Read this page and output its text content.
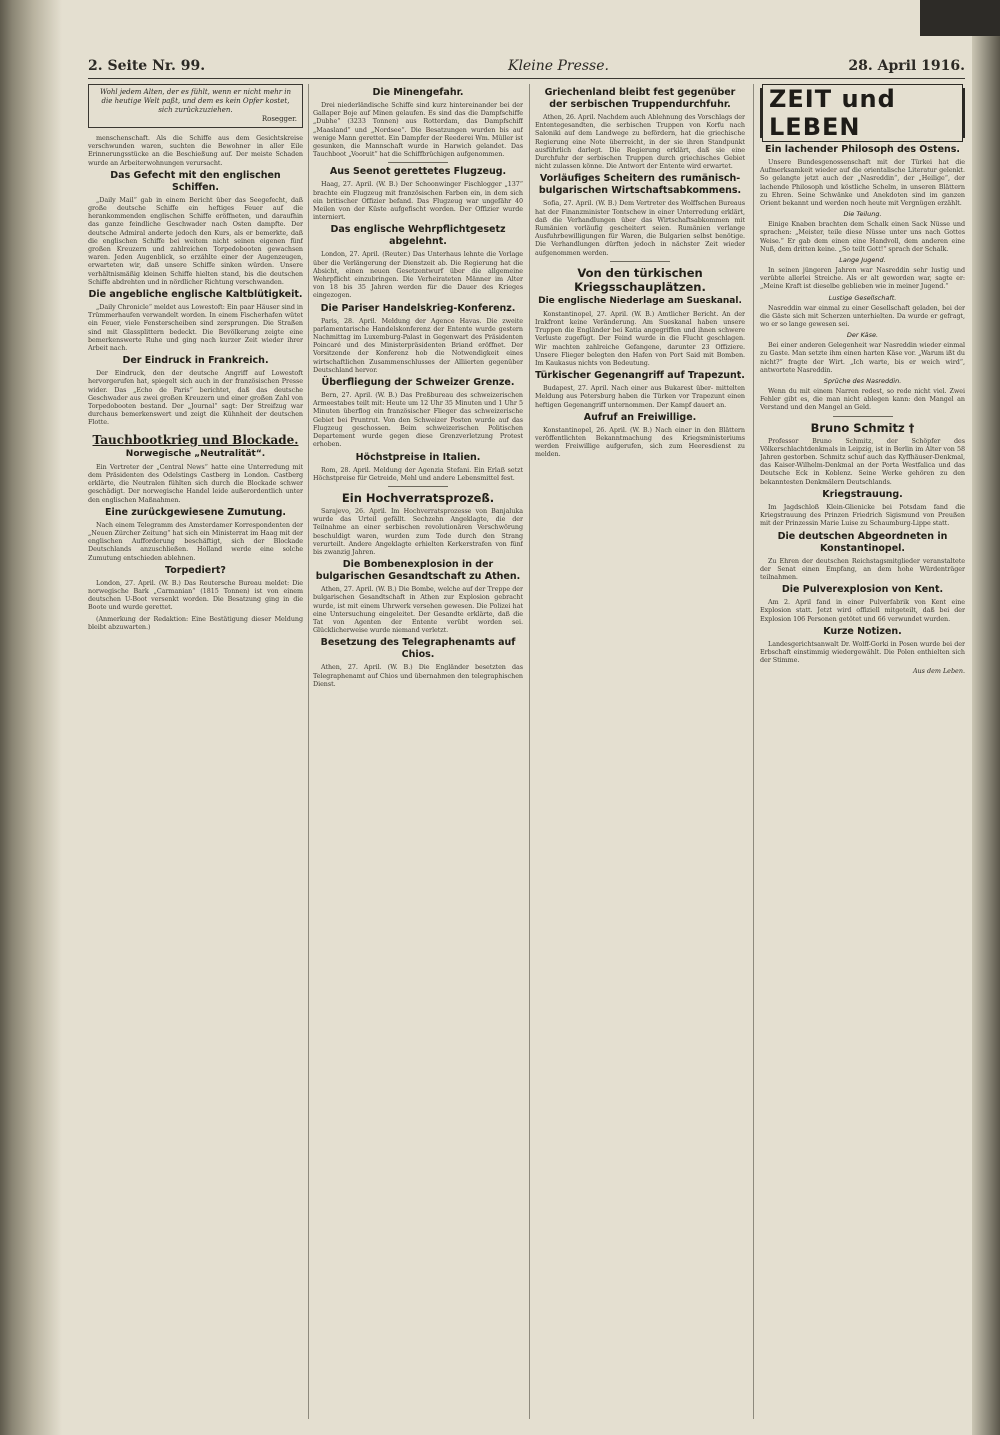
2. Seite Nr. 99.	Kleine Presse.	28. April 1916.
Wohl jedem Alten, der es fühlt, wenn er nicht mehr in die heutige Welt paßt, und dem es kein Opfer kostet, sich zurückzuziehen.
Rosegger.

menschenschaft. Als die Schiffe aus dem Gesichtskreise verschwunden waren, suchten die Bewohner in aller Eile Erinnerungsstücke an die Beschießung auf. Der meiste Schaden wurde an Arbeiterwohnungen verursacht.

Das Gefecht mit den englischen Schiffen.

„Daily Mail“ gab in einem Bericht über das Seegefecht, daß große deutsche Schiffe ein heftiges Feuer auf die herankommenden englischen Schiffe eröffneten, und daraufhin das ganze feindliche Geschwader nach Osten dampfte. Der deutsche Admiral anderte jedoch den Kurs, als er bemerkte, daß die englischen Schiffe bei weitem nicht seinen eigenen fünf großen Kreuzern und zahlreichen Torpedobooten gewachsen waren. Jeden Augenblick, so erzählte einer der Augenzeugen, erwarteten wir, daß unsere Schiffe sinken würden. Unsere verhältnismäßig kleinen Schiffe hielten stand, bis die deutschen Schiffe abdrehten und in nördlicher Richtung verschwanden.

Die angebliche englische Kaltblütigkeit.

„Daily Chronicle“ meldet aus Lowestoft: Ein paar Häuser sind in Trümmerhaufen verwandelt worden. In einem Fischerhafen wütet ein Feuer, viele Fensterscheiben sind zersprungen. Die Straßen sind mit Glassplittern bedeckt. Die Bevölkerung zeigte eine bemerkenswerte Ruhe und ging nach kurzer Zeit wieder ihrer Arbeit nach.

Der Eindruck in Frankreich.

Der Eindruck, den der deutsche Angriff auf Lowestoft hervorgerufen hat, spiegelt sich auch in der französischen Presse wider. Das „Echo de Paris“ berichtet, daß das deutsche Geschwader aus zwei großen Kreuzern und einer großen Zahl von Torpedobooten bestand. Der „Journal“ sagt: Der Streifzug war durchaus bemerkenswert und zeigt die Kühnheit der deutschen Flotte.

Tauchbootkrieg und Blockade.
Norwegische „Neutralität“.

Ein Vertreter der „Central News“ hatte eine Unterredung mit dem Präsidenten des Odelstings Castberg in London. Castberg erklärte, die Neutralen fühlten sich durch die Blockade schwer geschädigt. Der norwegische Handel leide außerordentlich unter den englischen Maßnahmen.

Eine zurückgewiesene Zumutung.

Nach einem Telegramm des Amsterdamer Korrespondenten der „Neuen Zürcher Zeitung“ hat sich ein Ministerrat im Haag mit der englischen Aufforderung beschäftigt, sich der Blockade Deutschlands anzuschließen. Holland werde eine solche Zumutung entschieden ablehnen.

Torpediert?

London, 27. April. (W. B.) Das Reutersche Bureau meldet: Die norwegische Bark „Carmanian“ (1815 Tonnen) ist von einem deutschen U-Boot versenkt worden. Die Besatzung ging in die Boote und wurde gerettet.

(Anmerkung der Redaktion: Eine Bestätigung dieser Meldung bleibt abzuwarten.)

Die Minengefahr.

Drei niederländische Schiffe sind kurz hintereinander bei der Gallaper Boje auf Minen gelaufen. Es sind das die Dampfschiffe „Dubhe“ (3233 Tonnen) aus Rotterdam, das Dampfschiff „Maasland“ und „Nordsee“. Die Besatzungen wurden bis auf wenige Mann gerettet. Ein Dampfer der Reederei Wm. Müller ist gesunken, die Mannschaft wurde in Harwich gelandet. Das Tauchboot „Vooruit“ hat die Schiffbrüchigen aufgenommen.

Aus Seenot gerettetes Flugzeug.

Haag, 27. April. (W. B.) Der Schoonwinger Fischlogger „137“ brachte ein Flugzeug mit französischen Farben ein, in dem sich ein britischer Offizier befand. Das Flugzeug war ungefähr 40 Meilen von der Küste aufgefischt worden. Der Offizier wurde interniert.

Das englische Wehrpflichtgesetz abgelehnt.

London, 27. April. (Reuter.) Das Unterhaus lehnte die Vorlage über die Verlängerung der Dienstzeit ab. Die Regierung hat die Absicht, einen neuen Gesetzentwurf über die allgemeine Wehrpflicht einzubringen. Die Verheirateten Männer im Alter von 18 bis 35 Jahren werden für die Dauer des Krieges eingezogen.

Die Pariser Handelskrieg-Konferenz.

Paris, 28. April. Meldung der Agence Havas. Die zweite parlamentarische Handelskonferenz der Entente wurde gestern Nachmittag im Luxemburg-Palast in Gegenwart des Präsidenten Poincaré und des Ministerpräsidenten Briand eröffnet. Der Vorsitzende der Konferenz hob die Notwendigkeit eines wirtschaftlichen Zusammenschlusses der Alliierten gegenüber Deutschland hervor.

Überfliegung der Schweizer Grenze.

Bern, 27. April. (W. B.) Das Preßbureau des schweizerischen Armeestabes teilt mit: Heute um 12 Uhr 35 Minuten und 1 Uhr 5 Minuten überflog ein französischer Flieger das schweizerische Gebiet bei Pruntrut. Von den Schweizer Posten wurde auf das Flugzeug geschossen. Beim schweizerischen Politischen Departement wurde gegen diese Grenzverletzung Protest erhoben.

Höchstpreise in Italien.

Rom, 28. April. Meldung der Agenzia Stefani. Ein Erlaß setzt Höchstpreise für Getreide, Mehl und andere Lebensmittel fest.

Ein Hochverratsprozeß.

Sarajevo, 26. April. Im Hochverratsprozesse von Banjaluka wurde das Urteil gefällt. Sechzehn Angeklagte, die der Teilnahme an einer serbischen revolutionären Verschwörung beschuldigt waren, wurden zum Tode durch den Strang verurteilt. Andere Angeklagte erhielten Kerkerstrafen von fünf bis zwanzig Jahren.

Die Bombenexplosion in der bulgarischen Gesandtschaft zu Athen.

Athen, 27. April. (W. B.) Die Bombe, welche auf der Treppe der bulgarischen Gesandtschaft in Athen zur Explosion gebracht wurde, ist mit einem Uhrwerk versehen gewesen. Die Polizei hat eine Untersuchung eingeleitet. Der Gesandte erklärte, daß die Tat von Agenten der Entente verübt worden sei. Glücklicherweise wurde niemand verletzt.

Besetzung des Telegraphenamts auf Chios.

Athen, 27. April. (W. B.) Die Engländer besetzten das Telegraphenamt auf Chios und übernahmen den telegraphischen Dienst.

Griechenland bleibt fest gegenüber der serbischen Truppendurchfuhr.

Athen, 26. April. Nachdem auch Ablehnung des Vorschlags der Ententegesandten, die serbischen Truppen von Korfu nach Saloniki auf dem Landwege zu befördern, hat die griechische Regierung eine Note überreicht, in der sie ihren Standpunkt ausführlich darlegt. Die Regierung erklärt, daß sie eine Durchfuhr der serbischen Truppen durch griechisches Gebiet nicht zulassen könne. Die Antwort der Entente wird erwartet.

Vorläufiges Scheitern des rumänisch-bulgarischen Wirtschaftsabkommens.

Sofia, 27. April. (W. B.) Dem Vertreter des Wolffschen Bureaus hat der Finanzminister Tontschew in einer Unterredung erklärt, daß die Verhandlungen über das Wirtschaftsabkommen mit Rumänien vorläufig gescheitert seien. Rumänien verlange Ausfuhrbewilligungen für Waren, die Bulgarien selbst benötige. Die Verhandlungen dürften jedoch in nächster Zeit wieder aufgenommen werden.

Von den türkischen Kriegsschauplätzen.
Die englische Niederlage am Sueskanal.

Konstantinopel, 27. April. (W. B.) Amtlicher Bericht. An der Irakfront keine Veränderung. Am Sueskanal haben unsere Truppen die Engländer bei Katia angegriffen und ihnen schwere Verluste zugefügt. Der Feind wurde in die Flucht geschlagen. Wir machten zahlreiche Gefangene, darunter 23 Offiziere. Unsere Flieger belegten den Hafen von Port Said mit Bomben. Im Kaukasus nichts von Bedeutung.

Türkischer Gegenangriff auf Trapezunt.

Budapest, 27. April. Nach einer aus Bukarest über- mittelten Meldung aus Petersburg haben die Türken vor Trapezunt einen heftigen Gegenangriff unternommen. Der Kampf dauert an.

Aufruf an Freiwillige.

Konstantinopel, 26. April. (W. B.) Nach einer in den Blättern veröffentlichten Bekanntmachung des Kriegsministeriums werden Freiwillige aufgerufen, sich zum Heeresdienst zu melden.

ZEIT und LEBEN
Ein lachender Philosoph des Ostens.

Unsere Bundesgenossenschaft mit der Türkei hat die Aufmerksamkeit wieder auf die orientalische Literatur gelenkt. So gelangte jetzt auch der „Nasreddin“, der „Heilige“, der lachende Philosoph und köstliche Schelm, in unseren Blättern zu Ehren. Seine Schwänke und Anekdoten sind im ganzen Orient bekannt und werden noch heute mit Vergnügen erzählt.

Die Teilung.

Einige Knaben brachten dem Schalk einen Sack Nüsse und sprachen: „Meister, teile diese Nüsse unter uns nach Gottes Weise.“ Er gab dem einen eine Handvoll, dem anderen eine Nuß, dem dritten keine. „So teilt Gott!“ sprach der Schalk.

Lange Jugend.

In seinen jüngeren Jahren war Nasreddin sehr lustig und verübte allerlei Streiche. Als er alt geworden war, sagte er: „Meine Kraft ist dieselbe geblieben wie in meiner Jugend.“

Lustige Gesellschaft.

Nasreddin war einmal zu einer Gesellschaft geladen, bei der die Gäste sich mit Scherzen unterhielten. Da wurde er gefragt, wo er so lange gewesen sei.

Der Käse.

Bei einer anderen Gelegenheit war Nasreddin wieder einmal zu Gaste. Man setzte ihm einen harten Käse vor. „Warum ißt du nicht?“ fragte der Wirt. „Ich warte, bis er weich wird“, antwortete Nasreddin.

Sprüche des Nasreddin.

Wenn du mit einem Narren redest, so rede nicht viel. Zwei Fehler gibt es, die man nicht ablegen kann: den Mangel an Verstand und den Mangel an Geld.

Bruno Schmitz †

Professor Bruno Schmitz, der Schöpfer des Völkerschlachtdenkmals in Leipzig, ist in Berlin im Alter von 58 Jahren gestorben. Schmitz schuf auch das Kyffhäuser-Denkmal, das Kaiser-Wilhelm-Denkmal an der Porta Westfalica und das Deutsche Eck in Koblenz. Seine Werke gehören zu den bekanntesten Denkmälern Deutschlands.

Kriegstrauung.

Im Jagdschloß Klein-Glienicke bei Potsdam fand die Kriegstrauung des Prinzen Friedrich Sigismund von Preußen mit der Prinzessin Marie Luise zu Schaumburg-Lippe statt.

Die deutschen Abgeordneten in Konstantinopel.

Zu Ehren der deutschen Reichstagsmitglieder veranstaltete der Senat einen Empfang, an dem hohe Würdenträger teilnahmen.

Die Pulverexplosion von Kent.

Am 2. April fand in einer Pulverfabrik von Kent eine Explosion statt. Jetzt wird offiziell mitgeteilt, daß bei der Explosion 106 Personen getötet und 66 verwundet wurden.

Kurze Notizen.

Landesgerichtsanwalt Dr. Wolff-Gorki in Posen wurde bei der Erbschaft einstimmig wiedergewählt. Die Polen enthielten sich der Stimme.

Aus dem Leben.
